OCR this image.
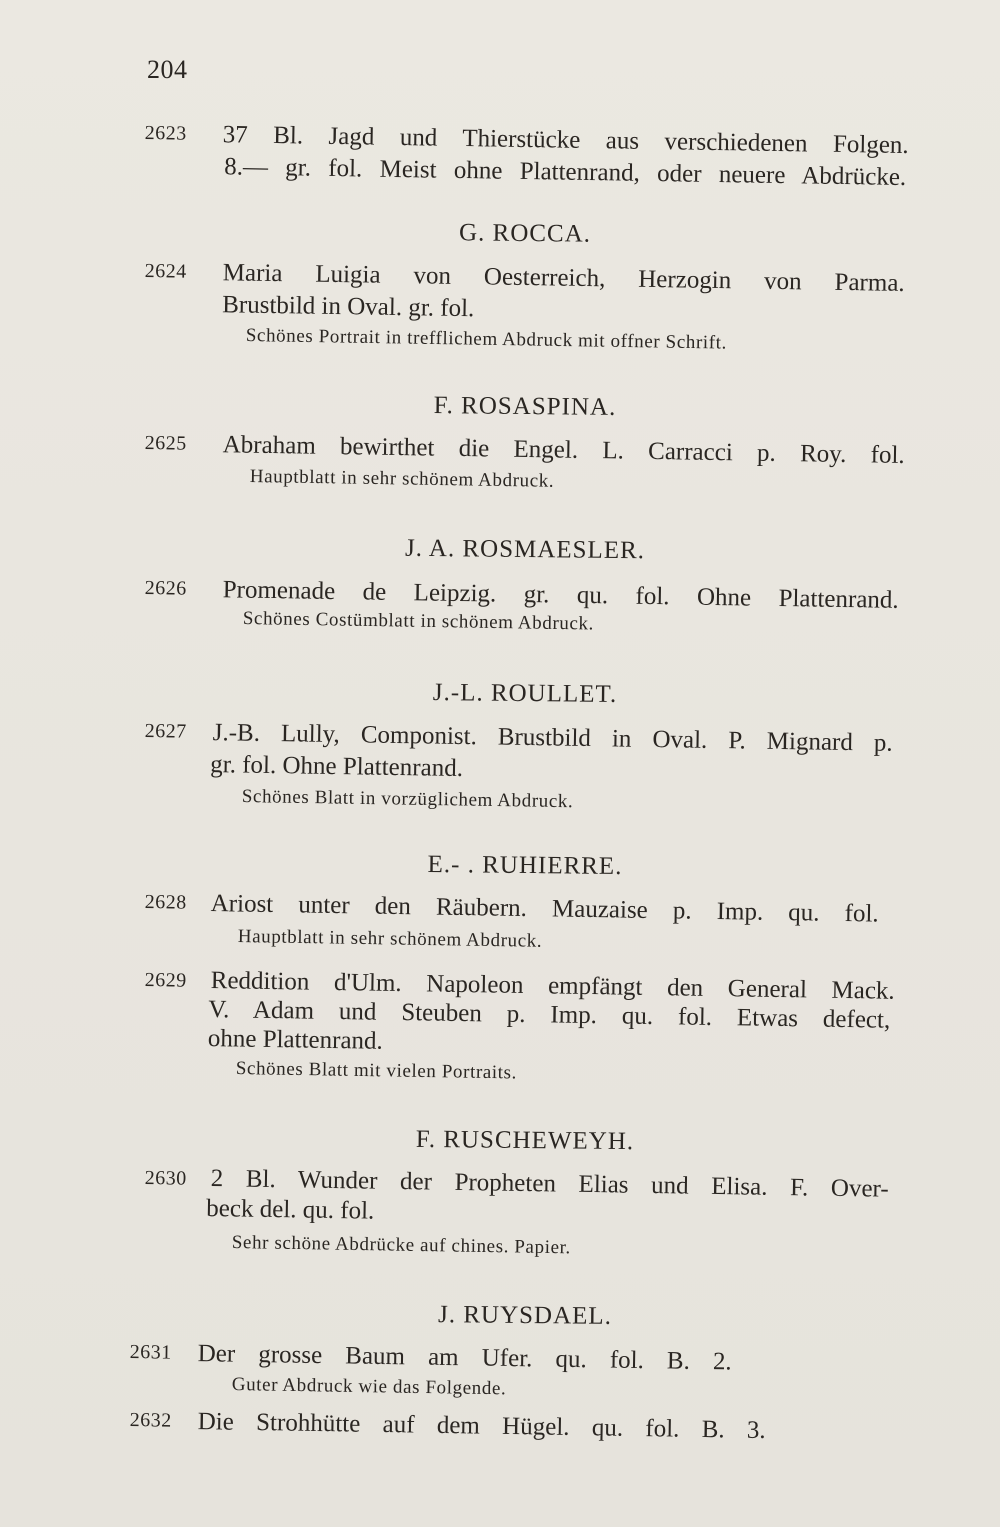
204
2623	37 Bl. Jagd und Thierstücke aus verschiedenen Folgen.
8.— gr. fol. Meist ohne Plattenrand, oder neuere Abdrücke.
G. ROCCA.
2624	Maria Luigia von Oesterreich, Herzogin von Parma.
Brustbild in Oval. gr. fol.
Schönes Portrait in trefflichem Abdruck mit offner Schrift.
F. ROSASPINA.
2625	Abraham bewirthet die Engel. L. Carracci p. Roy. fol.
Hauptblatt in sehr schönem Abdruck.
J. A. ROSMAESLER.
2626	Promenade de Leipzig. gr. qu. fol. Ohne Plattenrand.
Schönes Costümblatt in schönem Abdruck.
J.-L. ROULLET.
2627	J.-B. Lully, Componist. Brustbild in Oval. P. Mignard p.
gr. fol. Ohne Plattenrand.
Schönes Blatt in vorzüglichem Abdruck.
E.- . RUHIERRE.
2628 Ariost unter den Räubern. Mauzaise p. Imp. qu. fol.
Hauptblatt in sehr schönem Abdruck.
2629 Reddition d'Ulm. Napoleon empfängt den General Mack.
V. Adam und Steuben p. Imp. qu. fol. Etwas defect,
ohne Plattenrand.
Schönes Blatt mit vielen Portraits.
F. RUSCHEWEYH.
2630 2 Bl. Wunder der Propheten Elias und Elisa. F. Over-
beck del. qu. fol.
Sehr schöne Abdrücke auf chines. Papier.
J. RUYSDAEL.
2631	Der grosse Baum am Ufer. qu. fol. B. 2.
Guter Abdruck wie das Folgende.
2632	Die Strohhütte auf dem Hügel. qu. fol. B. 3.
